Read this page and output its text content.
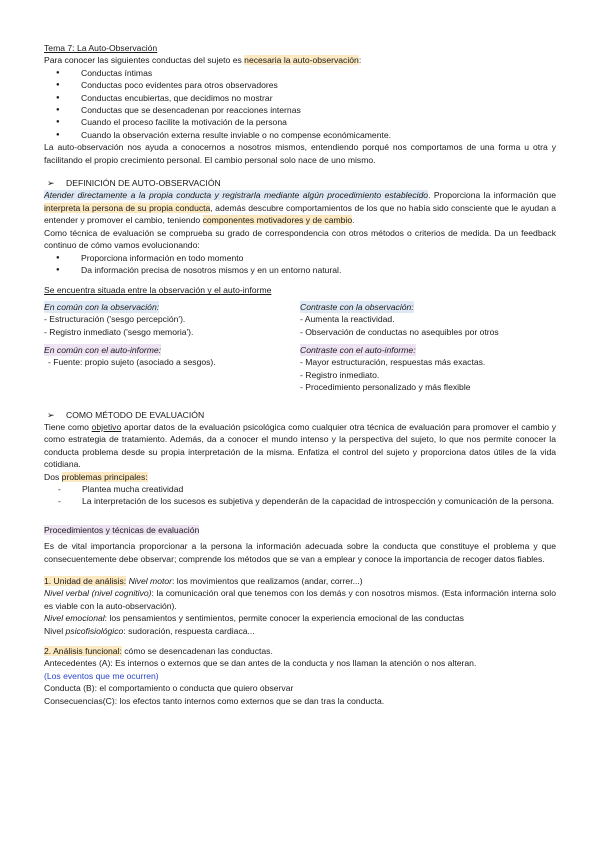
Tema 7: La Auto-Observación

Para conocer las siguientes conductas del sujeto es necesaria la auto-observación:

● Conductas íntimas
● Conductas poco evidentes para otros observadores
● Conductas encubiertas, que decidimos no mostrar
● Conductas que se desencadenan por reacciones internas
● Cuando el proceso facilite la motivación de la persona
● Cuando la observación externa resulte inviable o no compense económicamente.

La auto-observación nos ayuda a conocernos a nosotros mismos, entendiendo porqué nos comportamos de una forma u otra y facilitando el propio crecimiento personal. El cambio personal solo nace de uno mismo.

➢	DEFINICIÓN DE AUTO-OBSERVACIÓN

Atender directamente a la propia conducta y registrarla mediante algún procedimiento establecido. Proporciona la información que interpreta la persona de su propia conducta, además descubre comportamientos de los que no había sido consciente que le ayudan a entender y promover el cambio, teniendo componentes motivadores y de cambio.

Como técnica de evaluación se comprueba su grado de correspondencia con otros métodos o criterios de medida. Da un feedback continuo de cómo vamos evolucionando:

● Proporciona información en todo momento
● Da información precisa de nosotros mismos y en un entorno natural.

Se encuentra situada entre la observación y el auto-informe

En común con la observación:

- Estructuración ('sesgo percepción').

- Registro inmediato ('sesgo memoria').

En común con el auto-informe:

- Fuente: propio sujeto (asociado a sesgos).

Contraste con la observación:

- Aumenta la reactividad.

- Observación de conductas no asequibles por otros

Contraste con el auto-informe:

- Mayor estructuración, respuestas más exactas.

- Registro inmediato.

- Procedimiento personalizado y más flexible

➢	COMO MÉTODO DE EVALUACIÓN

Tiene como objetivo aportar datos de la evaluación psicológica como cualquier otra técnica de evaluación para promover el cambio y como estrategia de tratamiento. Además, da a conocer el mundo intenso y la perspectiva del sujeto, lo que nos permite conocer la conducta problema desde su propia interpretación de la misma. Enfatiza el control del sujeto y proporciona datos útiles de la vida cotidiana.

Dos problemas principales:

- Plantea mucha creatividad
- La interpretación de los sucesos es subjetiva y dependerán de la capacidad de introspección y comunicación de la persona.

Procedimientos y técnicas de evaluación

Es de vital importancia proporcionar a la persona la información adecuada sobre la conducta que constituye el problema y que consecuentemente debe observar; comprende los métodos que se van a emplear y conoce la importancia de recoger datos fiables.

1. Unidad de análisis: Nivel motor: los movimientos que realizamos (andar, correr...)

Nivel verbal (nivel cognitivo): la comunicación oral que tenemos con los demás y con nosotros mismos. (Esta información interna solo es viable con la auto-observación).

Nivel emocional: los pensamientos y sentimientos, permite conocer la experiencia emocional de las conductas

Nivel psicofisiológico: sudoración, respuesta cardiaca...

2. Análisis funcional: cómo se desencadenan las conductas.

Antecedentes (A): Es internos o externos que se dan antes de la conducta y nos llaman la atención o nos alteran.

(Los eventos que me ocurren)

Conducta (B): el comportamiento o conducta que quiero observar

Consecuencias(C): los efectos tanto internos como externos que se dan tras la conducta.
